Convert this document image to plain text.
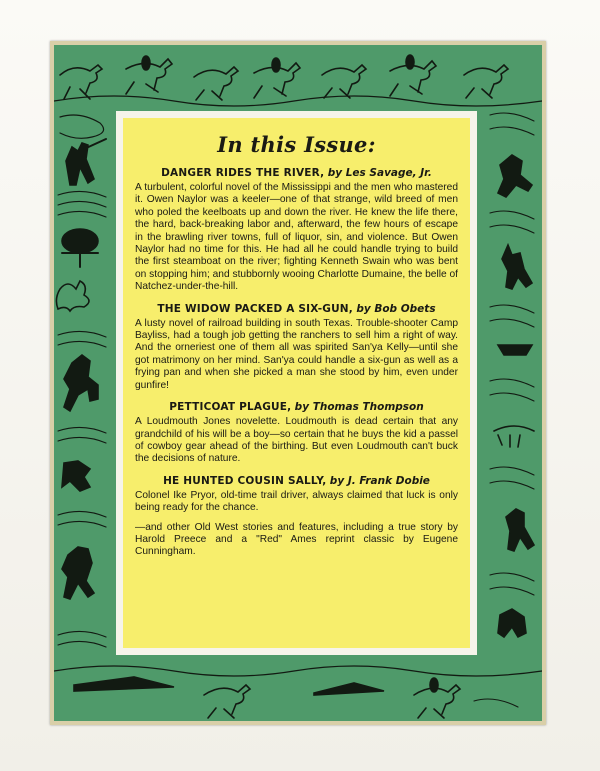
In this Issue:
DANGER RIDES THE RIVER, by Les Savage, Jr.
A turbulent, colorful novel of the Mississippi and the men who mastered it. Owen Naylor was a keeler—one of that strange, wild breed of men who poled the keelboats up and down the river. He knew the life there, the hard, back-breaking labor and, afterward, the few hours of escape in the brawling river towns, full of liquor, sin, and violence. But Owen Naylor had no time for this. He had all he could handle trying to build the first steamboat on the river; fighting Kenneth Swain who was bent on stopping him; and stubbornly wooing Charlotte Dumaine, the belle of Natchez-under-the-hill.
THE WIDOW PACKED A SIX-GUN, by Bob Obets
A lusty novel of railroad building in south Texas. Trouble-shooter Camp Bayliss, had a tough job getting the ranchers to sell him a right of way. And the orneriest one of them all was spirited San'ya Kelly—until she got matrimony on her mind. San'ya could handle a six-gun as well as a frying pan and when she picked a man she stood by him, even under gunfire!
PETTICOAT PLAGUE, by Thomas Thompson
A Loudmouth Jones novelette. Loudmouth is dead certain that any grandchild of his will be a boy—so certain that he buys the kid a passel of cowboy gear ahead of the birthing. But even Loudmouth can't buck the decisions of nature.
HE HUNTED COUSIN SALLY, by J. Frank Dobie
Colonel Ike Pryor, old-time trail driver, always claimed that luck is only being ready for the chance.
—and other Old West stories and features, including a true story by Harold Preece and a "Red" Ames reprint classic by Eugene Cunningham.
